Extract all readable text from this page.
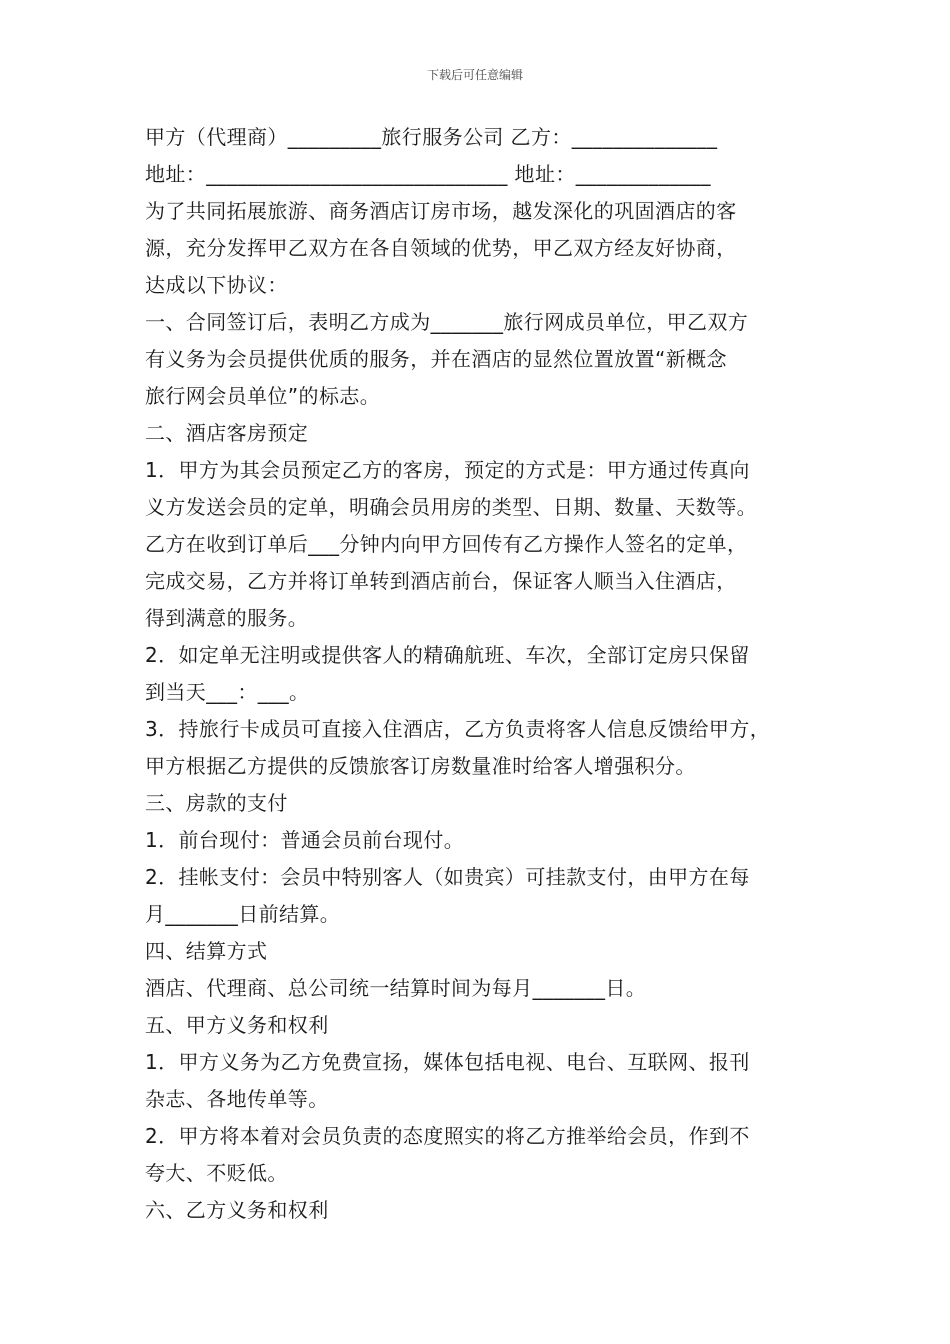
下载后可任意编辑
甲方（代理商）_________旅行服务公司 乙方：______________
地址：_____________________________ 地址：_____________
为了共同拓展旅游、商务酒店订房市场，越发深化的巩固酒店的客
源，充分发挥甲乙双方在各自领域的优势，甲乙双方经友好协商，
达成以下协议：
一、合同签订后，表明乙方成为_______旅行网成员单位，甲乙双方
有义务为会员提供优质的服务，并在酒店的显然位置放置“新概念
旅行网会员单位”的标志。
二、酒店客房预定
1．甲方为其会员预定乙方的客房，预定的方式是：甲方通过传真向
义方发送会员的定单，明确会员用房的类型、日期、数量、天数等。
乙方在收到订单后___分钟内向甲方回传有乙方操作人签名的定单，
完成交易，乙方并将订单转到酒店前台，保证客人顺当入住酒店，
得到满意的服务。
2．如定单无注明或提供客人的精确航班、车次，全部订定房只保留
到当天___：___。
3．持旅行卡成员可直接入住酒店，乙方负责将客人信息反馈给甲方，
甲方根据乙方提供的反馈旅客订房数量准时给客人增强积分。
三、房款的支付
1．前台现付：普通会员前台现付。
2．挂帐支付：会员中特别客人（如贵宾）可挂款支付，由甲方在每
月_______日前结算。
四、结算方式
酒店、代理商、总公司统一结算时间为每月_______日。
五、甲方义务和权利
1．甲方义务为乙方免费宣扬，媒体包括电视、电台、互联网、报刊
杂志、各地传单等。
2．甲方将本着对会员负责的态度照实的将乙方推举给会员，作到不
夸大、不贬低。
六、乙方义务和权利
